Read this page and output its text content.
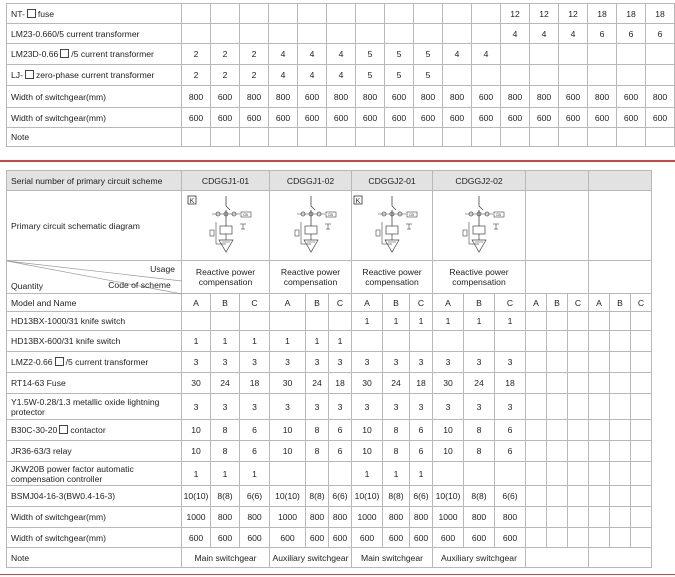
NT- fuse												12	12	12	18	18	18
LM23-0.660/5 current transformer												4	4	4	6	6	6
LM23D-0.66 /5 current transformer	2	2	2	4	4	4	5	5	5	4	4						
LJ- zero-phase current transformer	2	2	2	4	4	4	5	5	5								
Width of switchgear(mm)	800	600	800	800	600	800	800	600	800	800	600	800	800	600	800	600	800
Width of switchgear(mm)	600	600	600	600	600	600	600	600	600	600	600	600	600	600	600	600	600
Note																	
Serial number of primary circuit scheme	CDGGJ1-01			CDGGJ1-02			CDGGJ2-01			CDGGJ2-02								
Primary circuit schematic diagram	K
CB			CB			K
CB			CB								

Usage
Quantity	Reactive power compensation			Reactive power compensation			Reactive power compensation			Reactive power compensation								

Code of scheme
Model and Name	A	B	C	A	B	C	A	B	C	A	B	C	A	B	C	A	B	C
HD13BX-1000/31 knife switch							1	1	1	1	1	1						
HD13BX-600/31 knife switch	1	1	1	1	1	1												
LMZ2-0.66 /5 current transformer	3	3	3	3	3	3	3	3	3	3	3	3						
RT14-63 Fuse	30	24	18	30	24	18	30	24	18	30	24	18						
Y1.5W-0.28/1.3 metallic oxide lightning protector	3	3	3	3	3	3	3	3	3	3	3	3						
B30C-30-20 contactor	10	8	6	10	8	6	10	8	6	10	8	6						
JR36-63/3 relay	10	8	6	10	8	6	10	8	6	10	8	6						
JKW20B power factor automatic compensation controller	1	1	1				1	1	1									
BSMJ04-16-3(BW0.4-16-3)	10(10)	8(8)	6(6)	10(10)	8(8)	6(6)	10(10)	8(8)	6(6)	10(10)	8(8)	6(6)						
Width of switchgear(mm)	1000	800	800	1000	800	800	1000	800	800	1000	800	800						
Width of switchgear(mm)	600	600	600	600	600	600	600	600	600	600	600	600						
Note	Main switchgear			Auxiliary switchgear			Main switchgear			Auxiliary switchgear								
